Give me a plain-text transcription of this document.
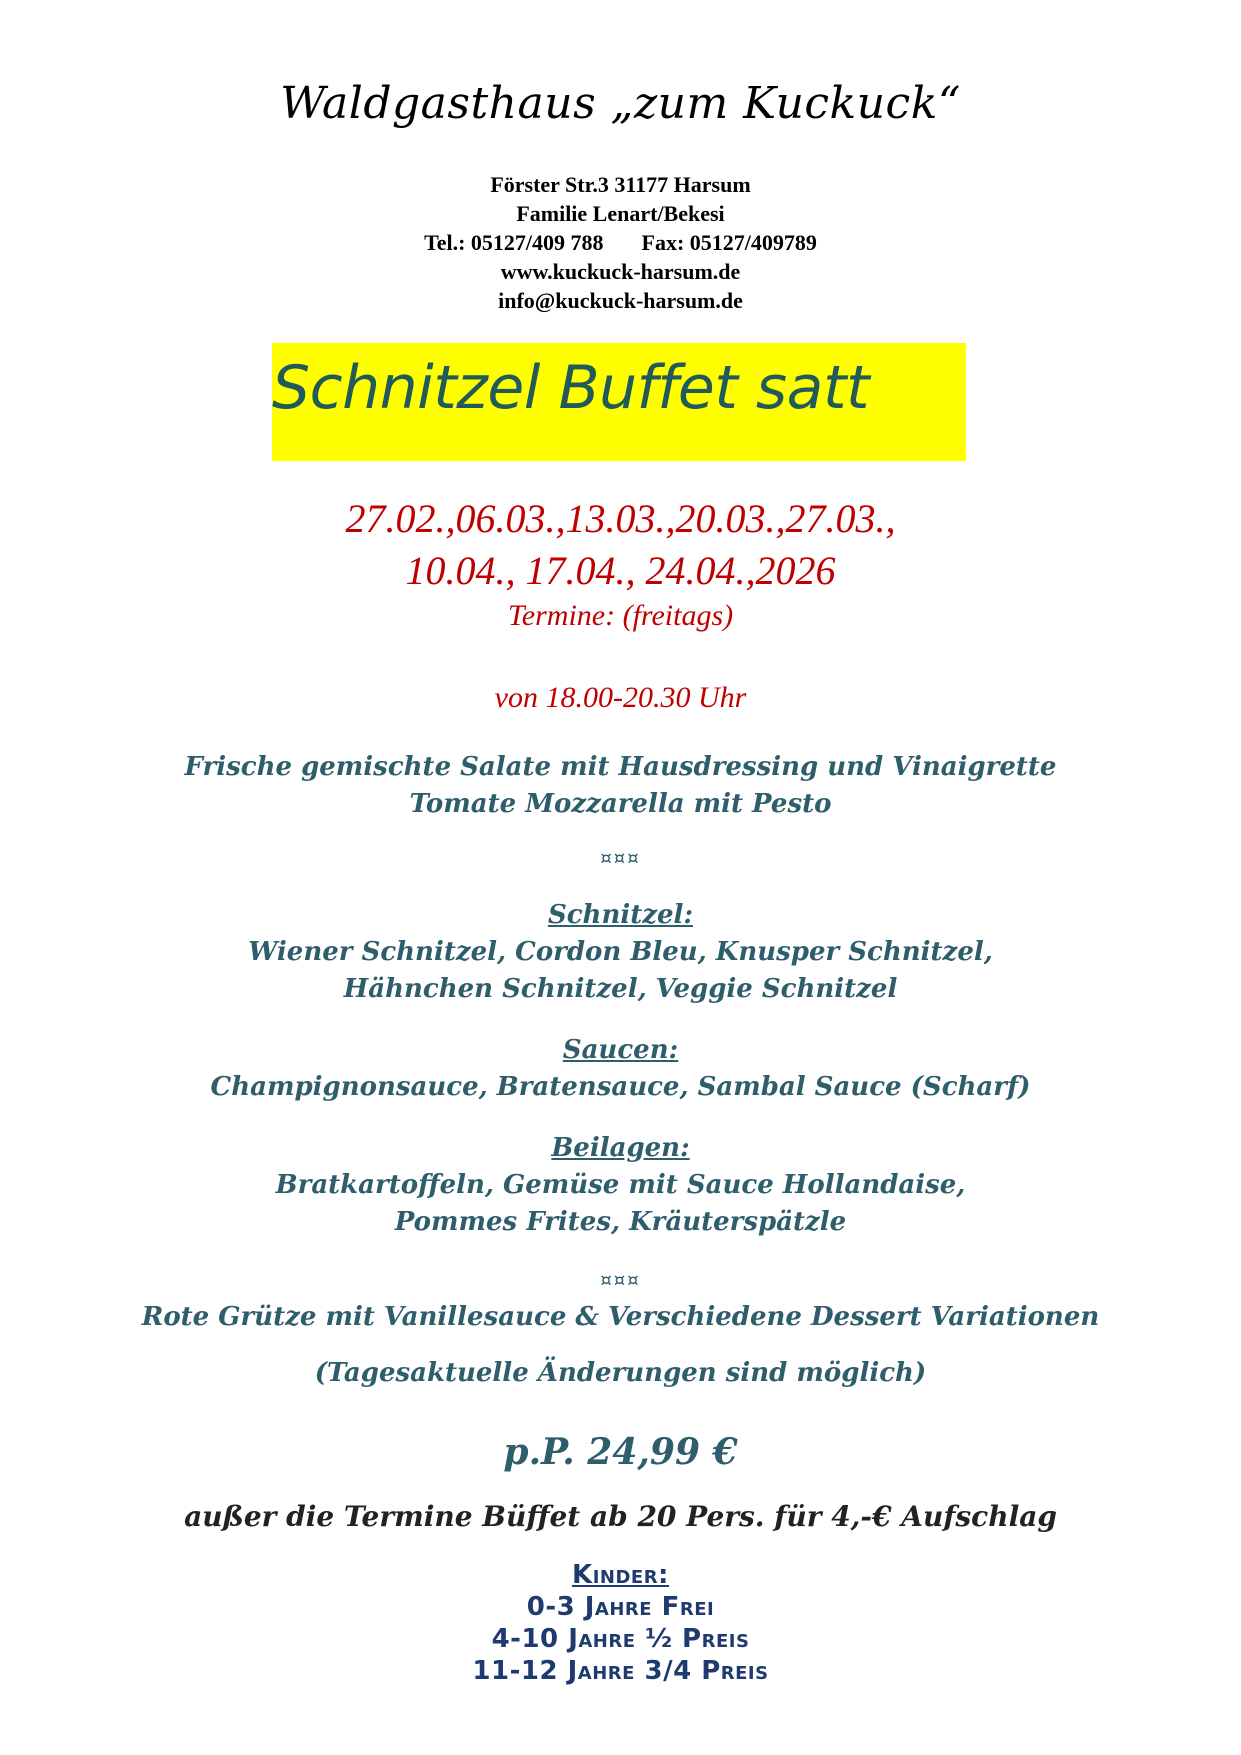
Waldgasthaus „zum Kuckuck“
Förster Str.3 31177 Harsum
Familie Lenart/Bekesi
Tel.: 05127/409 788 Fax: 05127/409789
www.kuckuck-harsum.de
info@kuckuck-harsum.de
Schnitzel Buffet satt
27.02.,06.03.,13.03.,20.03.,27.03.,
10.04., 17.04., 24.04.,2026
Termine: (freitags)
von 18.00-20.30 Uhr
Frische gemischte Salate mit Hausdressing und Vinaigrette
Tomate Mozzarella mit Pesto
¤¤¤
Schnitzel:
Wiener Schnitzel, Cordon Bleu, Knusper Schnitzel,
Hähnchen Schnitzel, Veggie Schnitzel
Saucen:
Champignonsauce, Bratensauce, Sambal Sauce (Scharf)
Beilagen:
Bratkartoffeln, Gemüse mit Sauce Hollandaise,
Pommes Frites, Kräuterspätzle
¤¤¤
Rote Grütze mit Vanillesauce & Verschiedene Dessert Variationen
(Tagesaktuelle Änderungen sind möglich)
p.P. 24,99 €
außer die Termine Büffet ab 20 Pers. für 4,-€ Aufschlag
Kinder:
0-3 Jahre Frei
4-10 Jahre ½ Preis
11-12 Jahre 3/4 Preis
